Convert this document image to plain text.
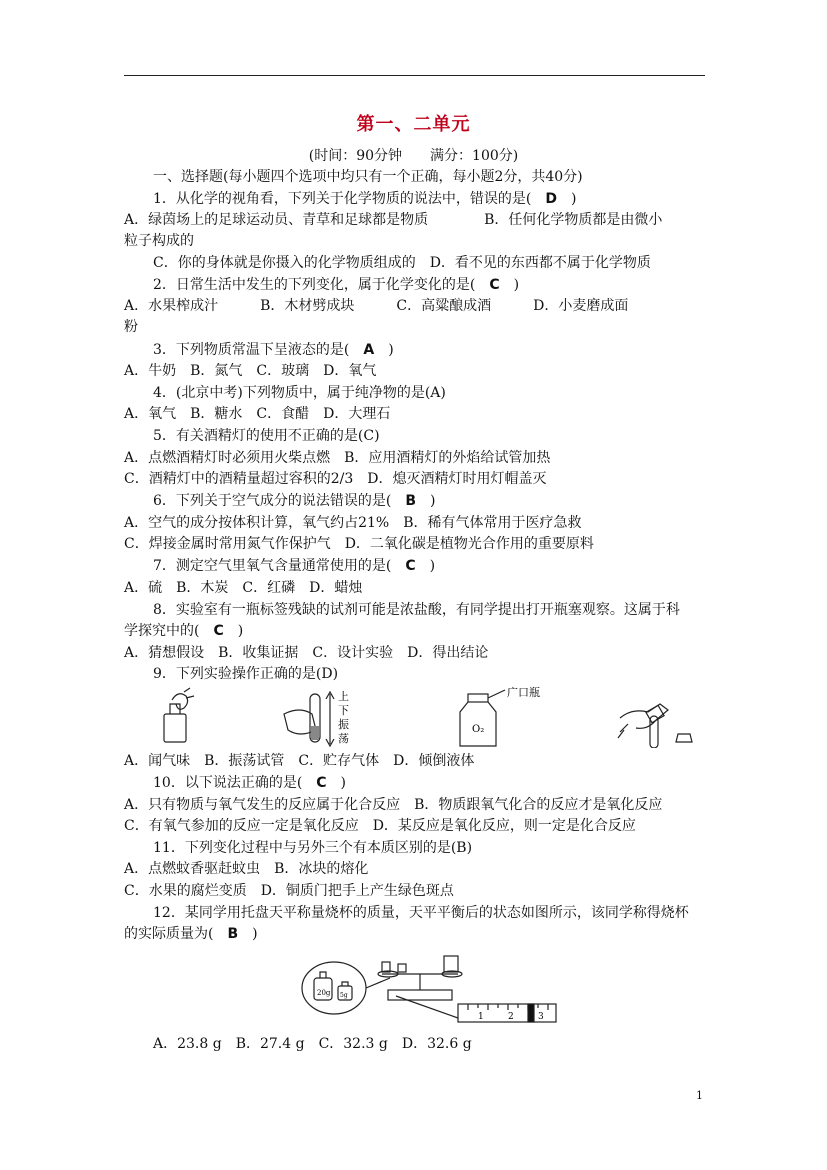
第一、二单元
(时间：90分钟　　满分：100分)
一、选择题(每小题四个选项中均只有一个正确，每小题2分，共40分)
1．从化学的视角看，下列关于化学物质的说法中，错误的是(　D　)
A．绿茵场上的足球运动员、青草和足球都是物质　　　　B．任何化学物质都是由微小
粒子构成的
C．你的身体就是你摄入的化学物质组成的　D．看不见的东西都不属于化学物质
2．日常生活中发生的下列变化，属于化学变化的是(　C　)
A．水果榨成汁　　　B．木材劈成块　　　C．高粱酿成酒　　　D．小麦磨成面
粉
3．下列物质常温下呈液态的是(　A　)
A．牛奶　B．氮气　C．玻璃　D．氧气
4．(北京中考)下列物质中，属于纯净物的是(A)
A．氧气　B．糖水　C．食醋　D．大理石
5．有关酒精灯的使用不正确的是(C)
A．点燃酒精灯时必须用火柴点燃　B．应用酒精灯的外焰给试管加热
C．酒精灯中的酒精量超过容积的2/3　D．熄灭酒精灯时用灯帽盖灭
6．下列关于空气成分的说法错误的是(　B　)
A．空气的成分按体积计算，氧气约占21%　B．稀有气体常用于医疗急救
C．焊接金属时常用氮气作保护气　D．二氧化碳是植物光合作用的重要原料
7．测定空气里氧气含量通常使用的是(　C　)
A．硫　B．木炭　C．红磷　D．蜡烛
8．实验室有一瓶标签残缺的试剂可能是浓盐酸，有同学提出打开瓶塞观察。这属于科
学探究中的(　C　)
A．猜想假设　B．收集证据　C．设计实验　D．得出结论
9．下列实验操作正确的是(D)
上
下
振
荡
O₂
广口瓶
A．闻气味　B．振荡试管　C．贮存气体　D．倾倒液体
10．以下说法正确的是(　C　)
A．只有物质与氧气发生的反应属于化合反应　B．物质跟氧气化合的反应才是氧化反应
C．有氧气参加的反应一定是氧化反应　D．某反应是氧化反应，则一定是化合反应
11．下列变化过程中与另外三个有本质区别的是(B)
A．点燃蚊香驱赶蚊虫　B．冰块的熔化
C．水果的腐烂变质　D．铜质门把手上产生绿色斑点
12．某同学用托盘天平称量烧杯的质量，天平平衡后的状态如图所示，该同学称得烧杯
的实际质量为(　B　)
20g 5g
1	2	3
A．23.8 g　B．27.4 g　C．32.3 g　D．32.6 g
1
